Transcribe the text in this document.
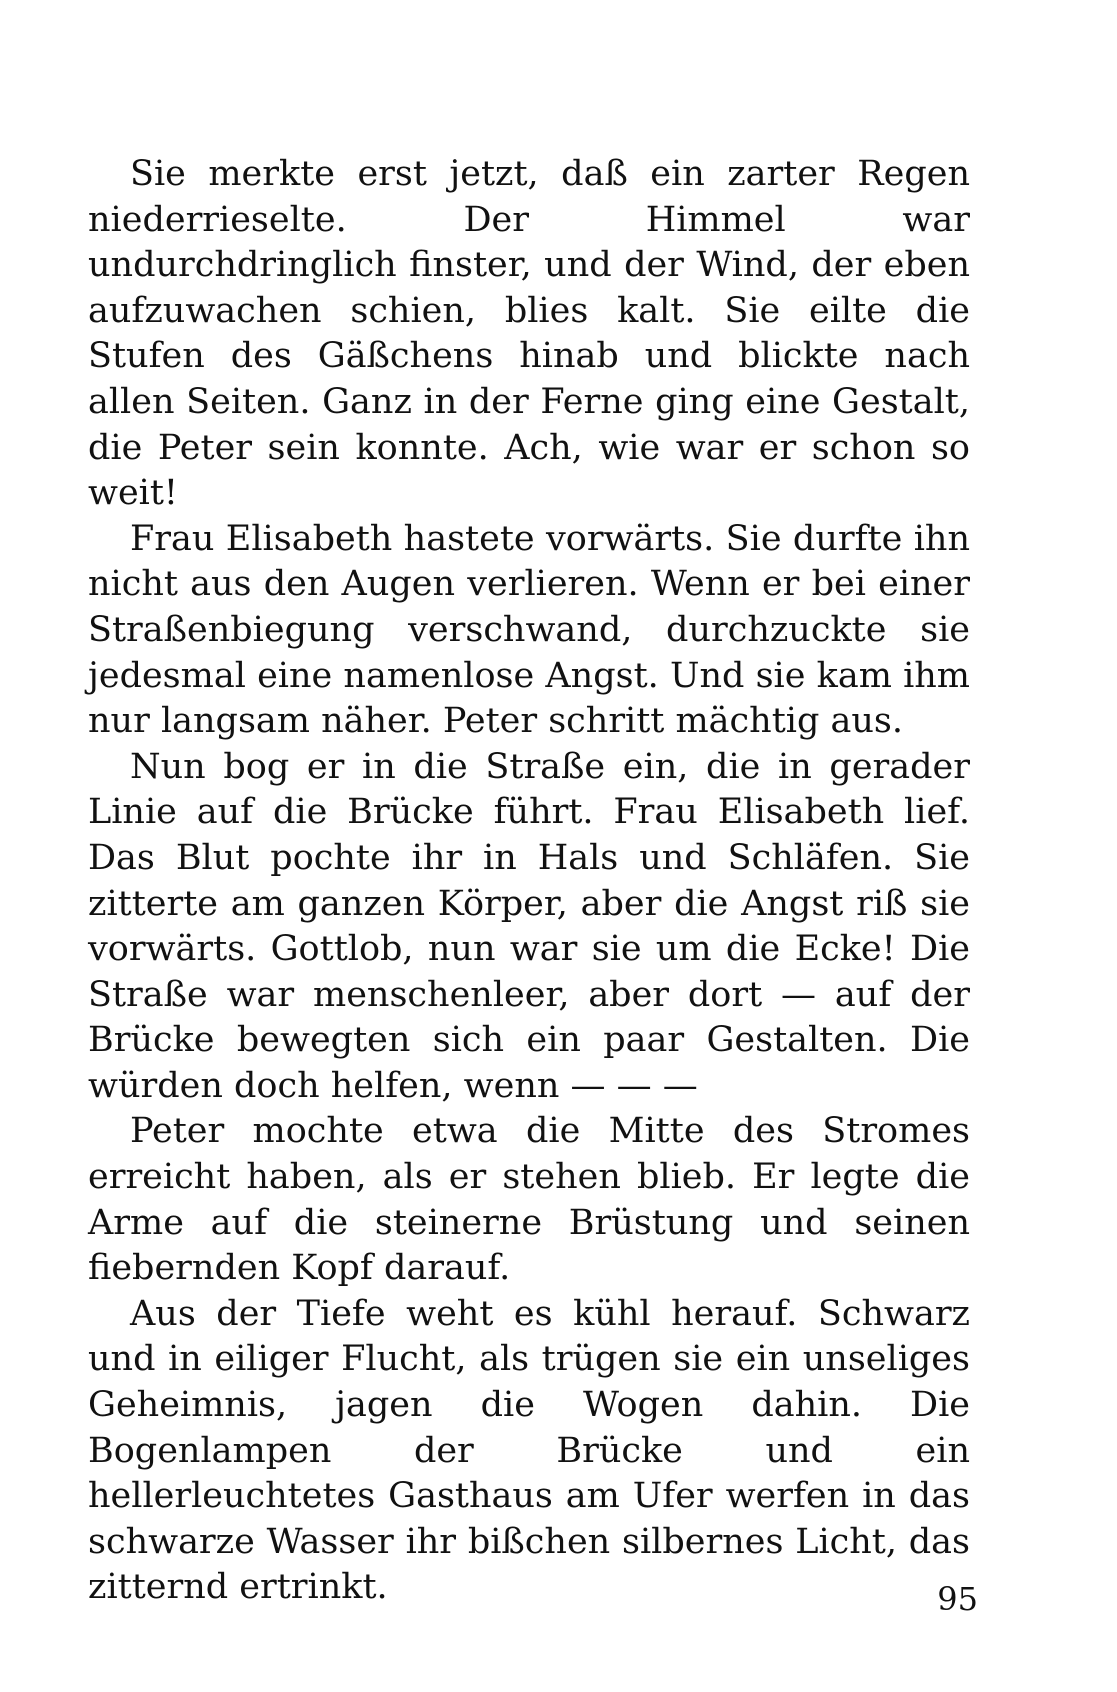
Sie merkte erst jetzt, daß ein zarter Regen niederrieselte. Der Himmel war undurchdringlich finster, und der Wind, der eben aufzuwachen schien, blies kalt. Sie eilte die Stufen des Gäßchens hinab und blickte nach allen Seiten. Ganz in der Ferne ging eine Gestalt, die Peter sein konnte. Ach, wie war er schon so weit!

Frau Elisabeth hastete vorwärts. Sie durfte ihn nicht aus den Augen verlieren. Wenn er bei einer Straßenbiegung verschwand, durchzuckte sie jedesmal eine namenlose Angst. Und sie kam ihm nur langsam näher. Peter schritt mächtig aus.

Nun bog er in die Straße ein, die in gerader Linie auf die Brücke führt. Frau Elisabeth lief. Das Blut pochte ihr in Hals und Schläfen. Sie zitterte am ganzen Körper, aber die Angst riß sie vorwärts. Gottlob, nun war sie um die Ecke! Die Straße war menschenleer, aber dort — auf der Brücke bewegten sich ein paar Gestalten. Die würden doch helfen, wenn — — —

Peter mochte etwa die Mitte des Stromes erreicht haben, als er stehen blieb. Er legte die Arme auf die steinerne Brüstung und seinen fiebernden Kopf darauf.

Aus der Tiefe weht es kühl herauf. Schwarz und in eiliger Flucht, als trügen sie ein unseliges Geheimnis, jagen die Wogen dahin. Die Bogenlampen der Brücke und ein hellerleuchtetes Gasthaus am Ufer werfen in das schwarze Wasser ihr bißchen silbernes Licht, das zitternd ertrinkt.	95
